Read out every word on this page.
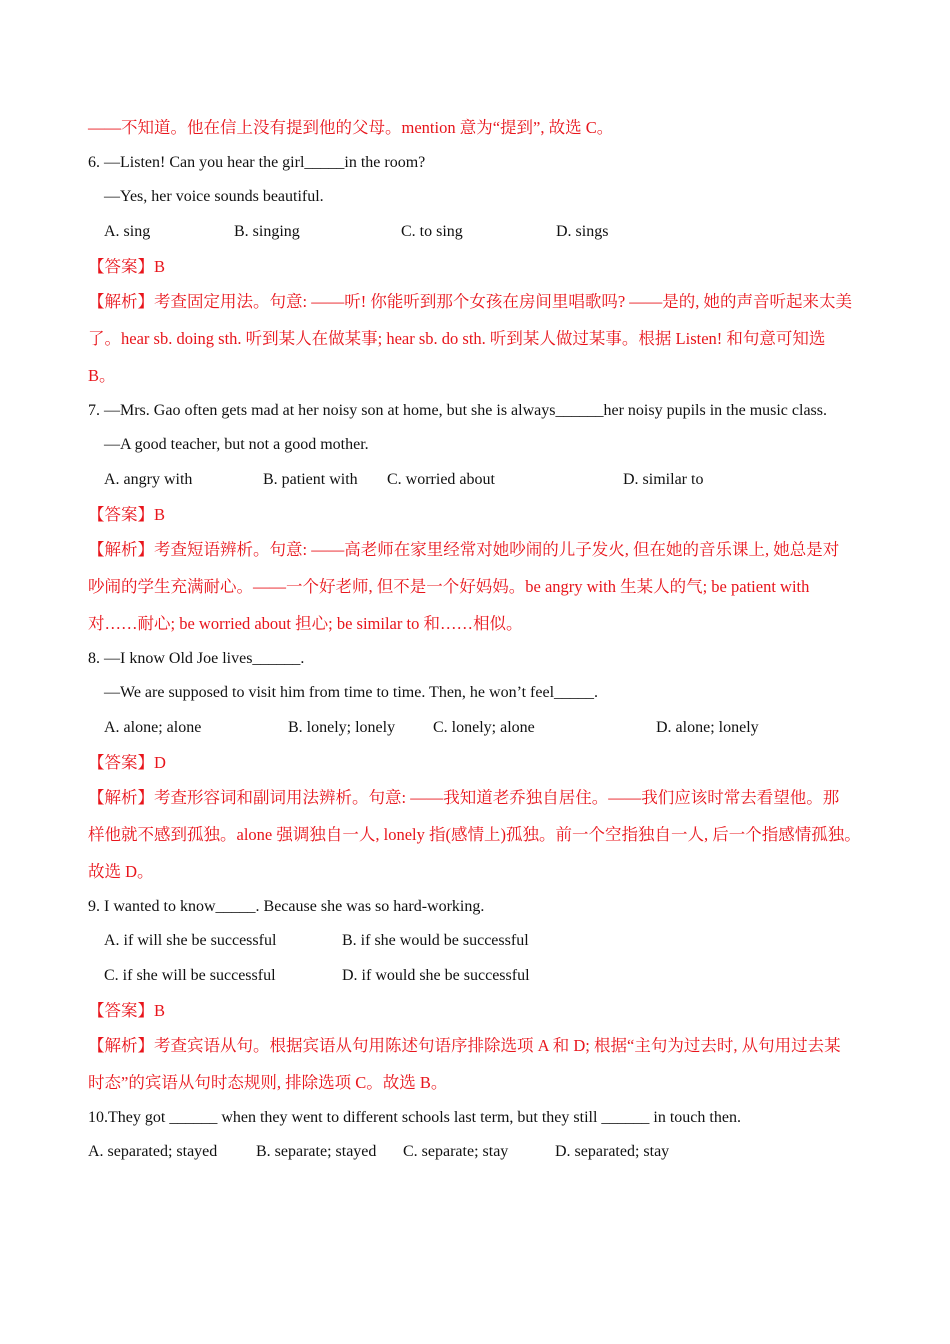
——不知道。他在信上没有提到他的父母。mention 意为“提到”, 故选 C。
6. —Listen! Can you hear the girl_____in the room?
—Yes, her voice sounds beautiful.
A. sing	B. singing	C. to sing	D. sings
【答案】B
【解析】考查固定用法。句意: ——听! 你能听到那个女孩在房间里唱歌吗? ——是的, 她的声音听起来太美
了。hear sb. doing sth. 听到某人在做某事; hear sb. do sth. 听到某人做过某事。根据 Listen! 和句意可知选
B。
7. —Mrs. Gao often gets mad at her noisy son at home, but she is always______her noisy pupils in the music class.
—A good teacher, but not a good mother.
A. angry with	B. patient with C. worried about	D. similar to
【答案】B
【解析】考查短语辨析。句意: ——高老师在家里经常对她吵闹的儿子发火, 但在她的音乐课上, 她总是对
吵闹的学生充满耐心。——一个好老师, 但不是一个好妈妈。be angry with 生某人的气; be patient with
对……耐心; be worried about 担心; be similar to 和……相似。
8. —I know Old Joe lives______.
—We are supposed to visit him from time to time. Then, he won’t feel_____.
A. alone; alone	B. lonely; lonely C. lonely; alone	D. alone; lonely
【答案】D
【解析】考查形容词和副词用法辨析。句意: ——我知道老乔独自居住。——我们应该时常去看望他。那
样他就不感到孤独。alone 强调独自一人, lonely 指(感情上)孤独。前一个空指独自一人, 后一个指感情孤独。
故选 D。
9. I wanted to know_____. Because she was so hard-working.
A. if will she be successful	B. if she would be successful
C. if she will be successful	D. if would she be successful
【答案】B
【解析】考查宾语从句。根据宾语从句用陈述句语序排除选项 A 和 D; 根据“主句为过去时, 从句用过去某
时态”的宾语从句时态规则, 排除选项 C。故选 B。
10.They got ______ when they went to different schools last term, but they still ______ in touch then.
A. separated; stayed B. separate; stayed C. separate; stay	D. separated; stay
